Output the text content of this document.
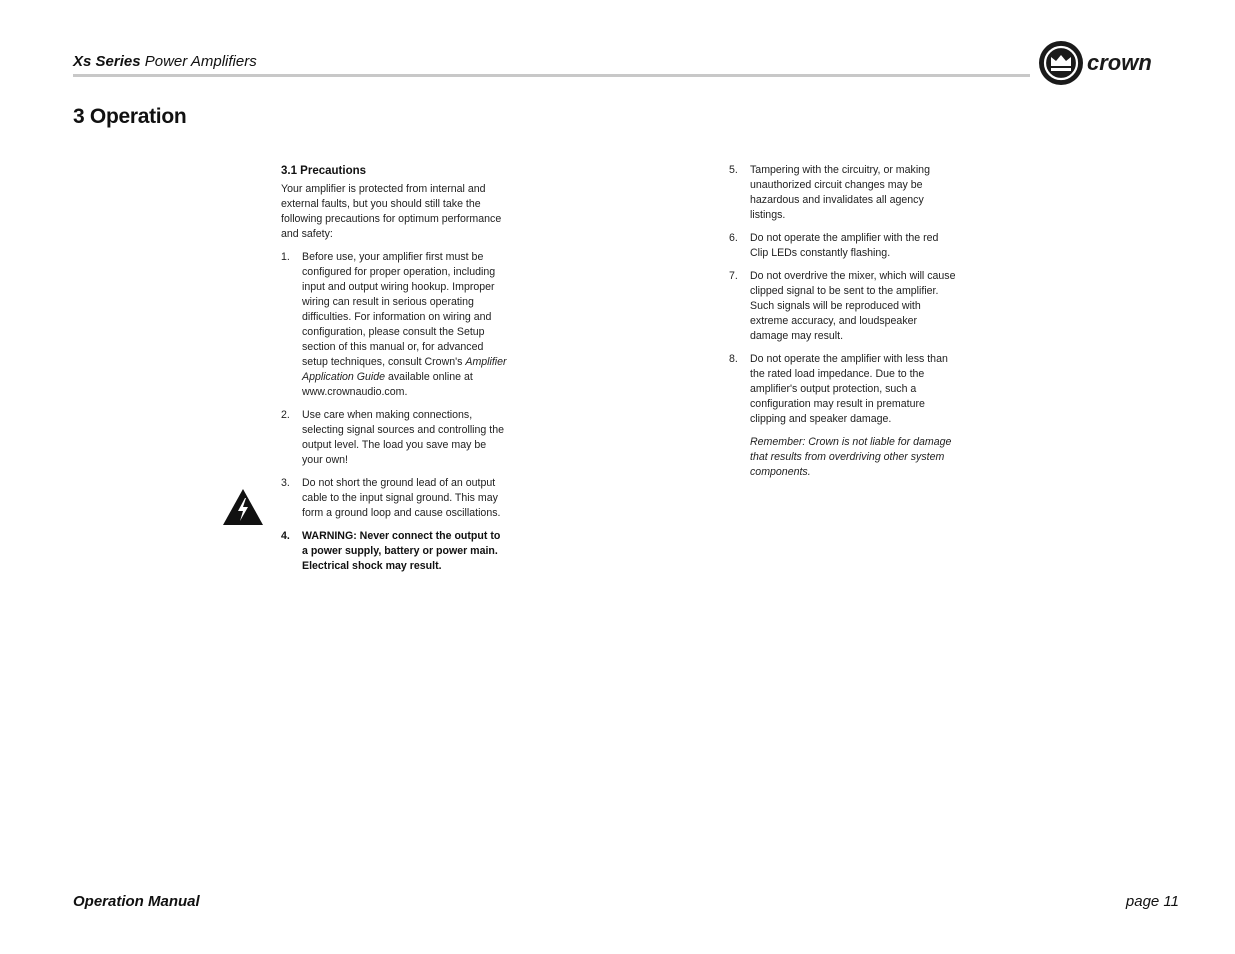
Xs Series Power Amplifiers	crown
3 Operation
3.1 Precautions
Your amplifier is protected from internal and external faults, but you should still take the following precautions for optimum performance and safety:
1.	Before use, your amplifier first must be configured for proper operation, including input and output wiring hookup. Improper wiring can result in serious operating difficulties. For information on wiring and configuration, please consult the Setup section of this manual or, for advanced setup techniques, consult Crown's Amplifier Application Guide available online at www.crownaudio.com.
2.	Use care when making connections, selecting signal sources and controlling the output level. The load you save may be your own!
3.	Do not short the ground lead of an output cable to the input signal ground. This may form a ground loop and cause oscillations.
4.	WARNING: Never connect the output to a power supply, battery or power main. Electrical shock may result.
5.	Tampering with the circuitry, or making unauthorized circuit changes may be hazardous and invalidates all agency listings.
6.	Do not operate the amplifier with the red Clip LEDs constantly flashing.
7.	Do not overdrive the mixer, which will cause clipped signal to be sent to the amplifier. Such signals will be reproduced with extreme accuracy, and loudspeaker damage may result.
8.	Do not operate the amplifier with less than the rated load impedance. Due to the amplifier's output protection, such a configuration may result in premature clipping and speaker damage.
Remember: Crown is not liable for damage that results from overdriving other system components.
Operation Manual	page 11
